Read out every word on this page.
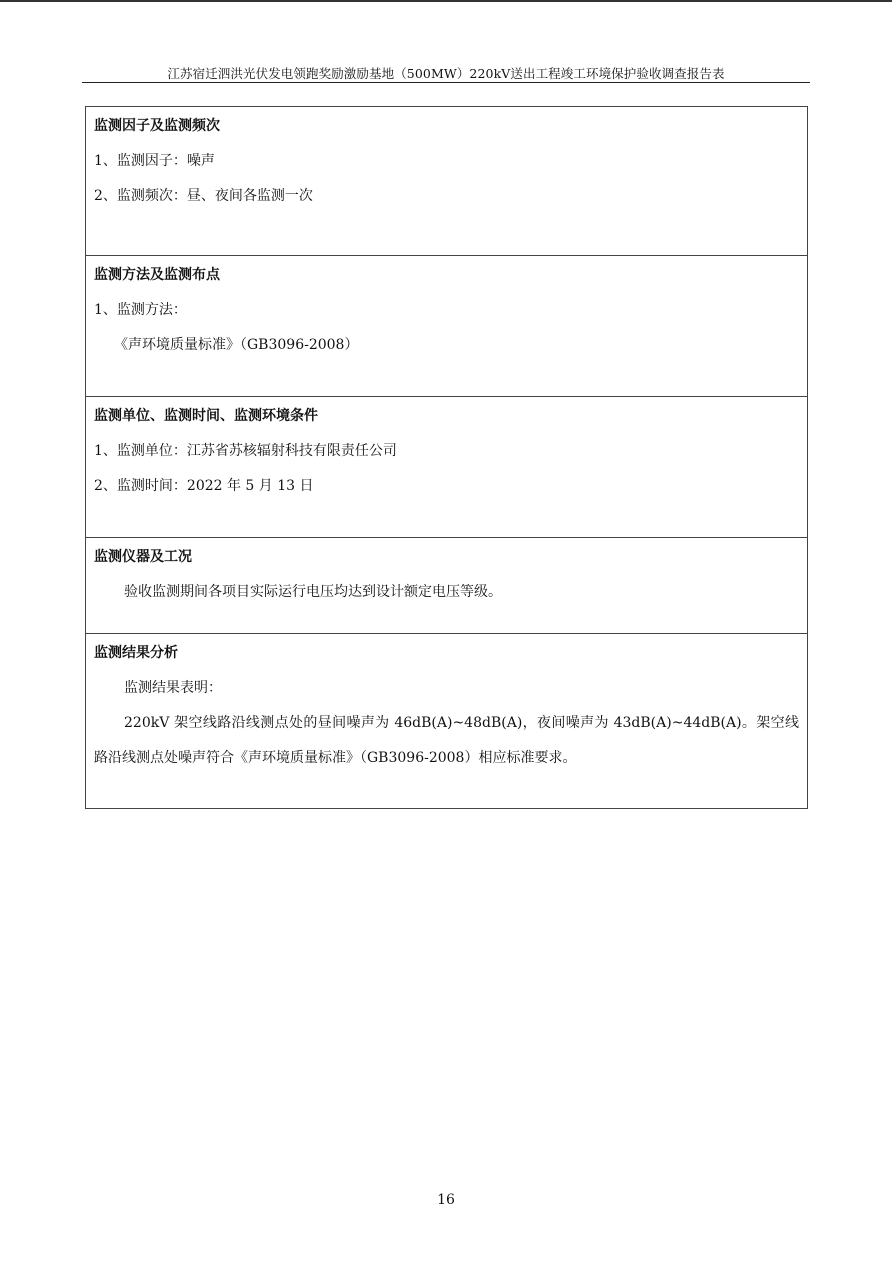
江苏宿迁泗洪光伏发电领跑奖励激励基地（500MW）220kV送出工程竣工环境保护验收调查报告表
监测因子及监测频次
1、监测因子：噪声
2、监测频次：昼、夜间各监测一次

监测方法及监测布点
1、监测方法：
《声环境质量标准》（GB3096-2008）

监测单位、监测时间、监测环境条件
1、监测单位：江苏省苏核辐射科技有限责任公司
2、监测时间：2022 年 5 月 13 日

监测仪器及工况
验收监测期间各项目实际运行电压均达到设计额定电压等级。

监测结果分析
监测结果表明：
220kV 架空线路沿线测点处的昼间噪声为 46dB(A)~48dB(A)，夜间噪声为 43dB(A)~44dB(A)。架空线路沿线测点处噪声符合《声环境质量标准》（GB3096-2008）相应标准要求。
16
